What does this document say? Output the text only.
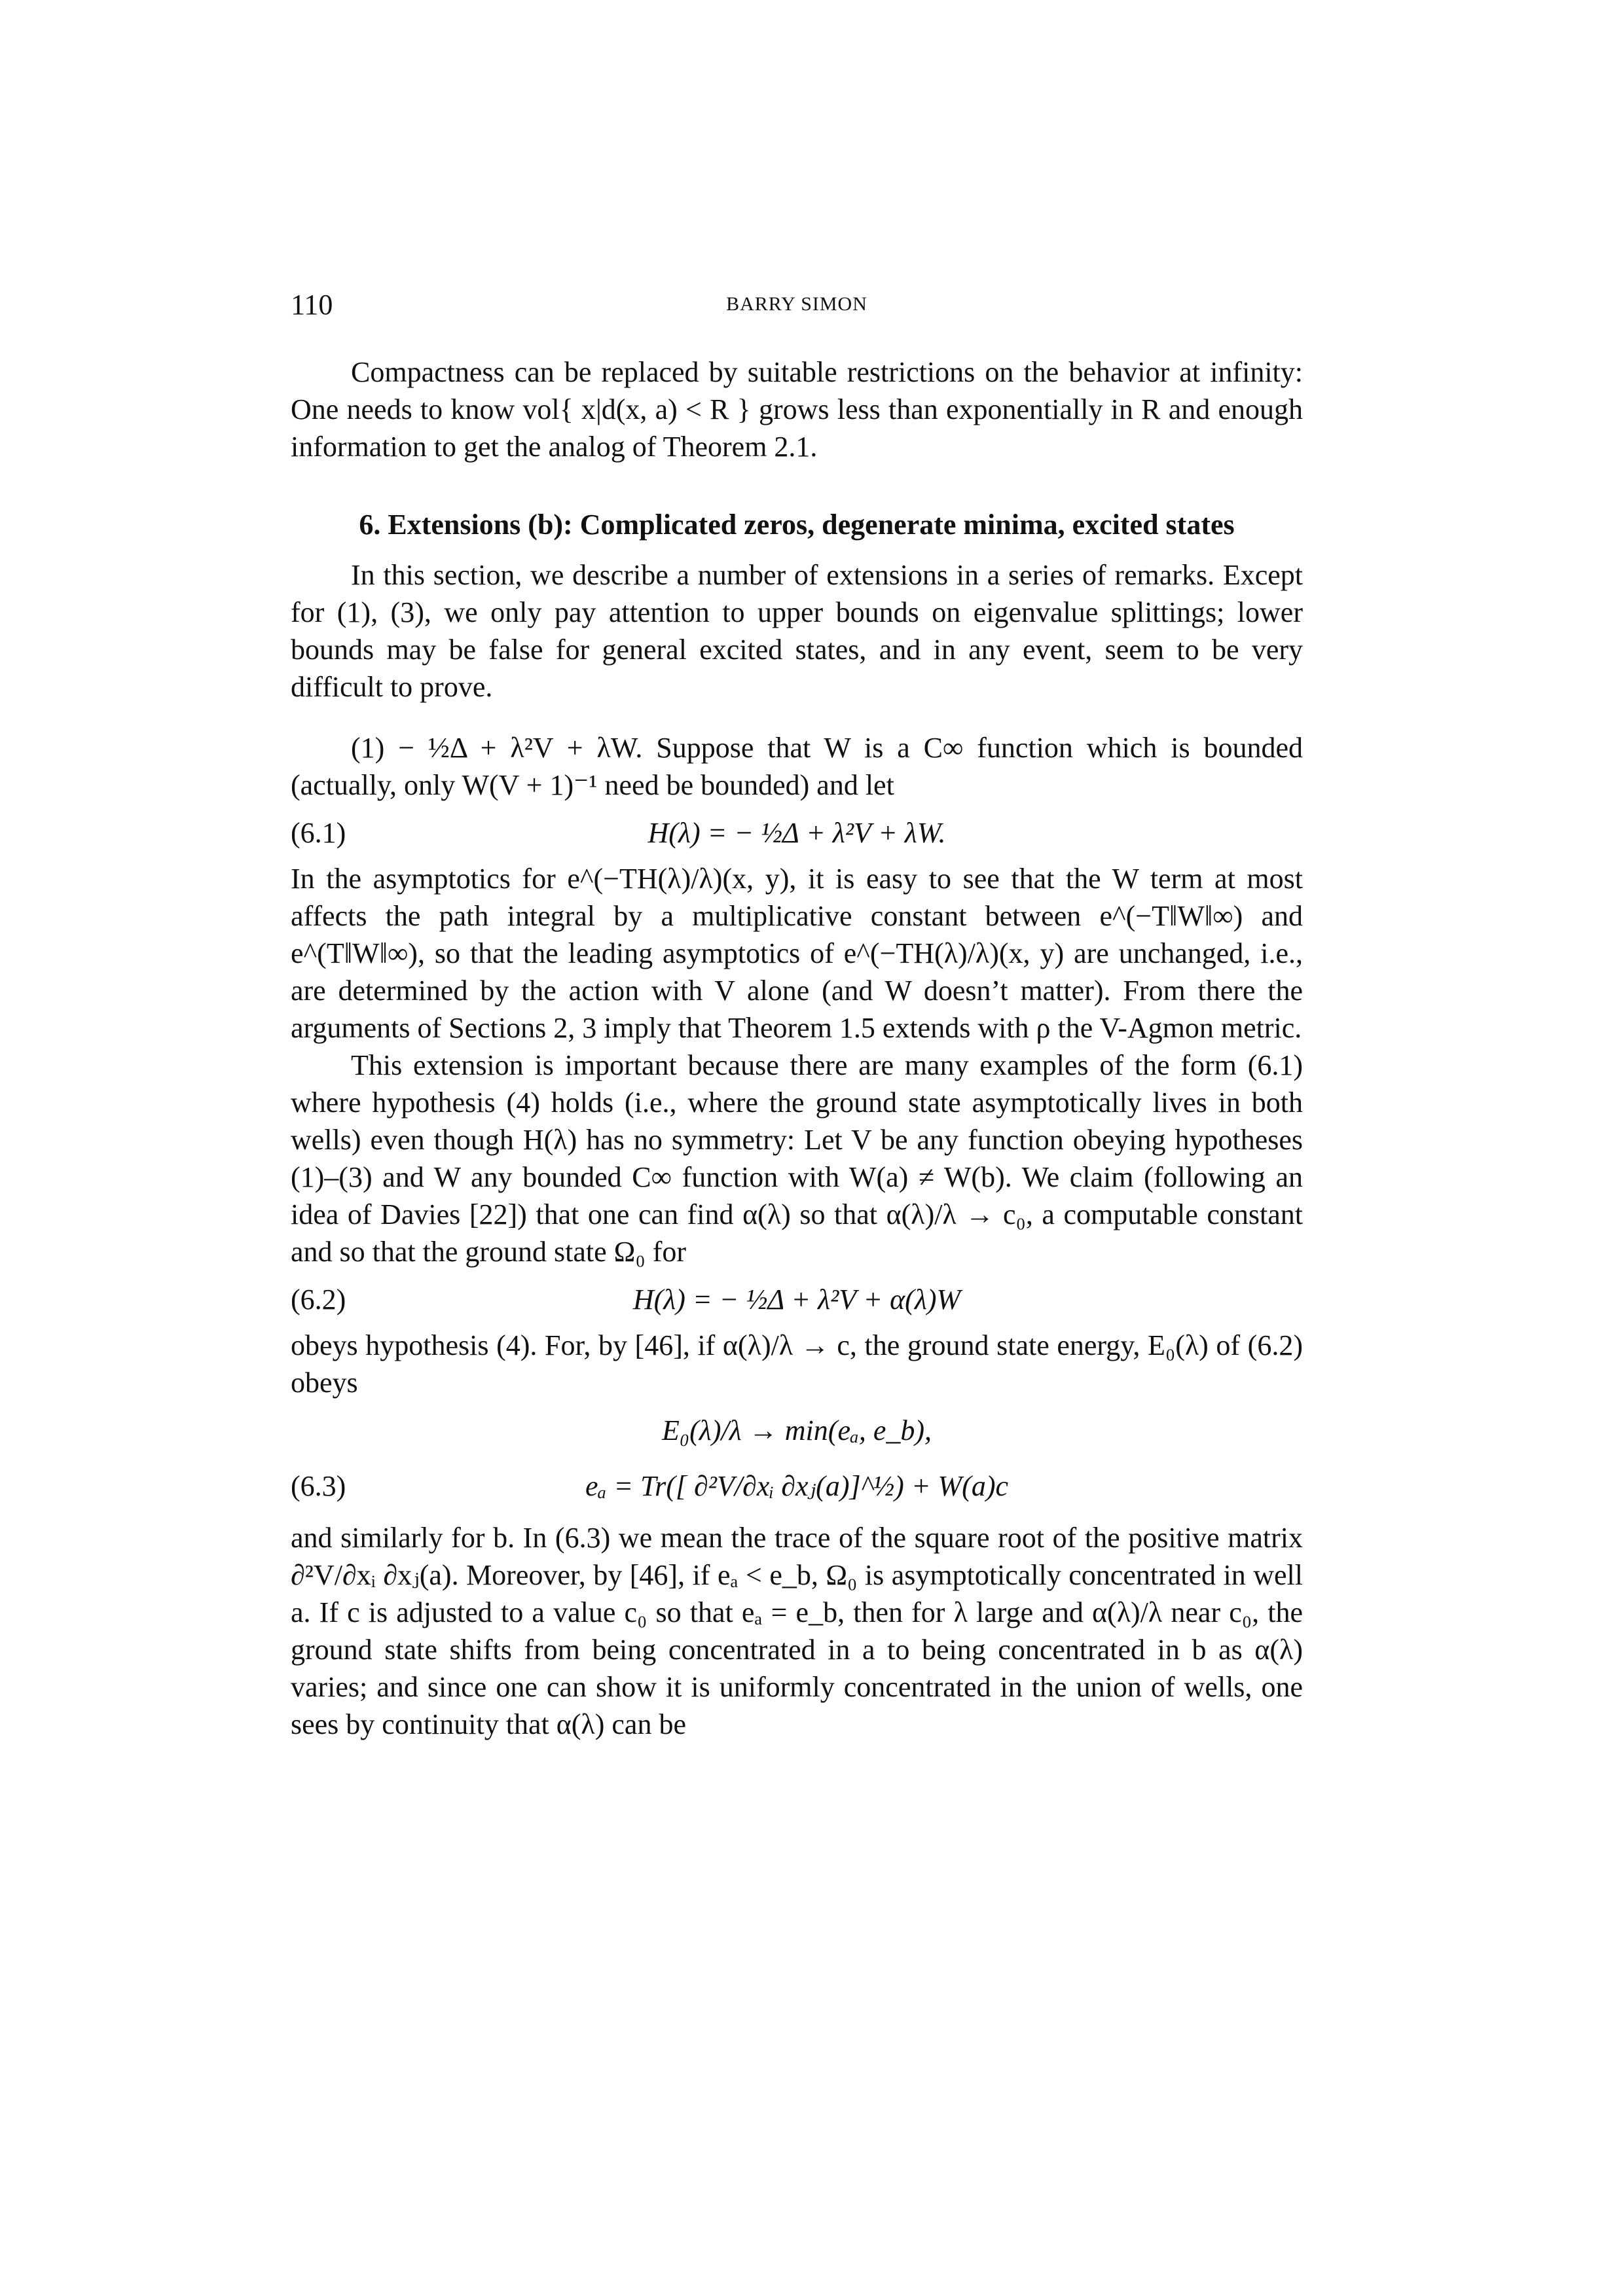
110	BARRY SIMON

Compactness can be replaced by suitable restrictions on the behavior at infinity: One needs to know vol{ x|d(x, a) < R } grows less than exponentially in R and enough information to get the analog of Theorem 2.1.

6. Extensions (b): Complicated zeros, degenerate minima, excited states

In this section, we describe a number of extensions in a series of remarks. Except for (1), (3), we only pay attention to upper bounds on eigenvalue splittings; lower bounds may be false for general excited states, and in any event, seem to be very difficult to prove.

(1) − ½Δ + λ²V + λW. Suppose that W is a C∞ function which is bounded (actually, only W(V + 1)⁻¹ need be bounded) and let

(6.1)	H(λ) = − ½Δ + λ²V + λW.

In the asymptotics for e^(−TH(λ)/λ)(x, y), it is easy to see that the W term at most affects the path integral by a multiplicative constant between e^(−T‖W‖∞) and e^(T‖W‖∞), so that the leading asymptotics of e^(−TH(λ)/λ)(x, y) are unchanged, i.e., are determined by the action with V alone (and W doesn’t matter). From there the arguments of Sections 2, 3 imply that Theorem 1.5 extends with ρ the V-Agmon metric.

This extension is important because there are many examples of the form (6.1) where hypothesis (4) holds (i.e., where the ground state asymptotically lives in both wells) even though H(λ) has no symmetry: Let V be any function obeying hypotheses (1)–(3) and W any bounded C∞ function with W(a) ≠ W(b). We claim (following an idea of Davies [22]) that one can find α(λ) so that α(λ)/λ → c₀, a computable constant and so that the ground state Ω₀ for

(6.2)	H(λ) = − ½Δ + λ²V + α(λ)W

obeys hypothesis (4). For, by [46], if α(λ)/λ → c, the ground state energy, E₀(λ) of (6.2) obeys

E₀(λ)/λ → min(eₐ, e_b),
(6.3)	eₐ = Tr([ ∂²V/∂xᵢ ∂xⱼ(a)]^½) + W(a)c

and similarly for b. In (6.3) we mean the trace of the square root of the positive matrix ∂²V/∂xᵢ ∂xⱼ(a). Moreover, by [46], if eₐ < e_b, Ω₀ is asymptotically concentrated in well a. If c is adjusted to a value c₀ so that eₐ = e_b, then for λ large and α(λ)/λ near c₀, the ground state shifts from being concentrated in a to being concentrated in b as α(λ) varies; and since one can show it is uniformly concentrated in the union of wells, one sees by continuity that α(λ) can be
